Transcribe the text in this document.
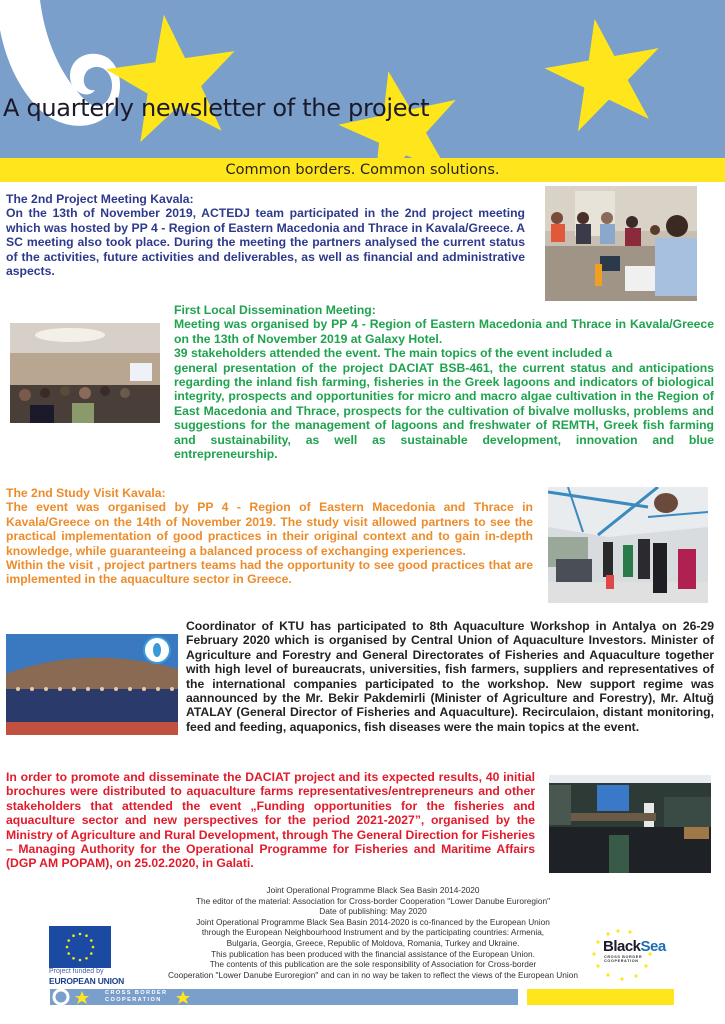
A quarterly newsletter of the project
Common borders. Common solutions.

The 2nd Project Meeting Kavala:

On the 13th of November 2019, ACTEDJ team participated in the 2nd project meeting which was hosted by PP 4 - Region of Eastern Macedonia and Thrace in Kavala/Greece. A SC meeting also took place. During the meeting the partners analysed the current status of the activities, future activities and deliverables, as well as financial and administrative aspects.

First Local Dissemination Meeting:

Meeting was organised by PP 4 - Region of Eastern Macedonia and Thrace in Kavala/Greece on the 13th of November 2019 at Galaxy Hotel.

39 stakeholders attended the event. The main topics of the event included a

general presentation of the project DACIAT BSB-461, the current status and anticipations regarding the inland fish farming, fisheries in the Greek lagoons and indicators of biological integrity, prospects and opportunities for micro and macro algae cultivation in the Region of East Macedonia and Thrace, prospects for the cultivation of bivalve mollusks, problems and suggestions for the management of lagoons and freshwater of REMTH, Greek fish farming and sustainability, as well as sustainable development, innovation and blue entrepreneurship.

The 2nd Study Visit Kavala:

The event was organised by PP 4 - Region of Eastern Macedonia and Thrace in Kavala/Greece on the 14th of November 2019. The study visit allowed partners to see the practical implementation of good practices in their original context and to gain in-depth knowledge, while guaranteeing a balanced process of exchanging experiences.

Within the visit , project partners teams had the opportunity to see good practices that are implemented in the aquaculture sector in Greece.

Coordinator of KTU has participated to 8th Aquaculture Workshop in Antalya on 26-29 February 2020 which is organised by Central Union of Aquaculture Investors. Minister of Agriculture and Forestry and General Directorates of Fisheries and Aquaculture together with high level of bureaucrats, universities, fish farmers, suppliers and representatives of the international companies participated to the workshop. New support regime was aannounced by the Mr. Bekir Pakdemirli (Minister of Agriculture and Forestry), Mr. Altuğ ATALAY (General Director of Fisheries and Aquaculture). Recirculaion, distant monitoring, feed and feeding, aquaponics, fish diseases were the main topics at the event.

In order to promote and disseminate the DACIAT project and its expected results, 40 initial brochures were distributed to aquaculture farms representatives/entrepreneurs and other stakeholders that attended the event „Funding opportunities for the fisheries and aquaculture sector and new perspectives for the period 2021-2027”, organised by the Ministry of Agriculture and Rural Development, through The General Direction for Fisheries – Managing Authority for the Operational Programme for Fisheries and Maritime Affairs (DGP AM POPAM), on 25.02.2020, in Galati.

Joint Operational Programme Black Sea Basin 2014-2020
The editor of the material: Association for Cross-border Cooperation "Lower Danube Euroregion"
Date of publishing: May 2020
Joint Operational Programme Black Sea Basin 2014-2020 is co-financed by the European Union
through the European Neighbourhood Instrument and by the participating countries: Armenia,
Bulgaria, Georgia, Greece, Republic of Moldova, Romania, Turkey and Ukraine.
This publication has been produced with the financial assistance of the European Union.
The contents of this publication are the sole responsibility of Association for Cross-border
Cooperation "Lower Danube Euroregion" and can in no way be taken to reflect the views of the European Union
Project funded by
EUROPEAN UNION
CROSS BORDER
COOPERATION
BlackSea
CROSS BORDER
COOPERATION
